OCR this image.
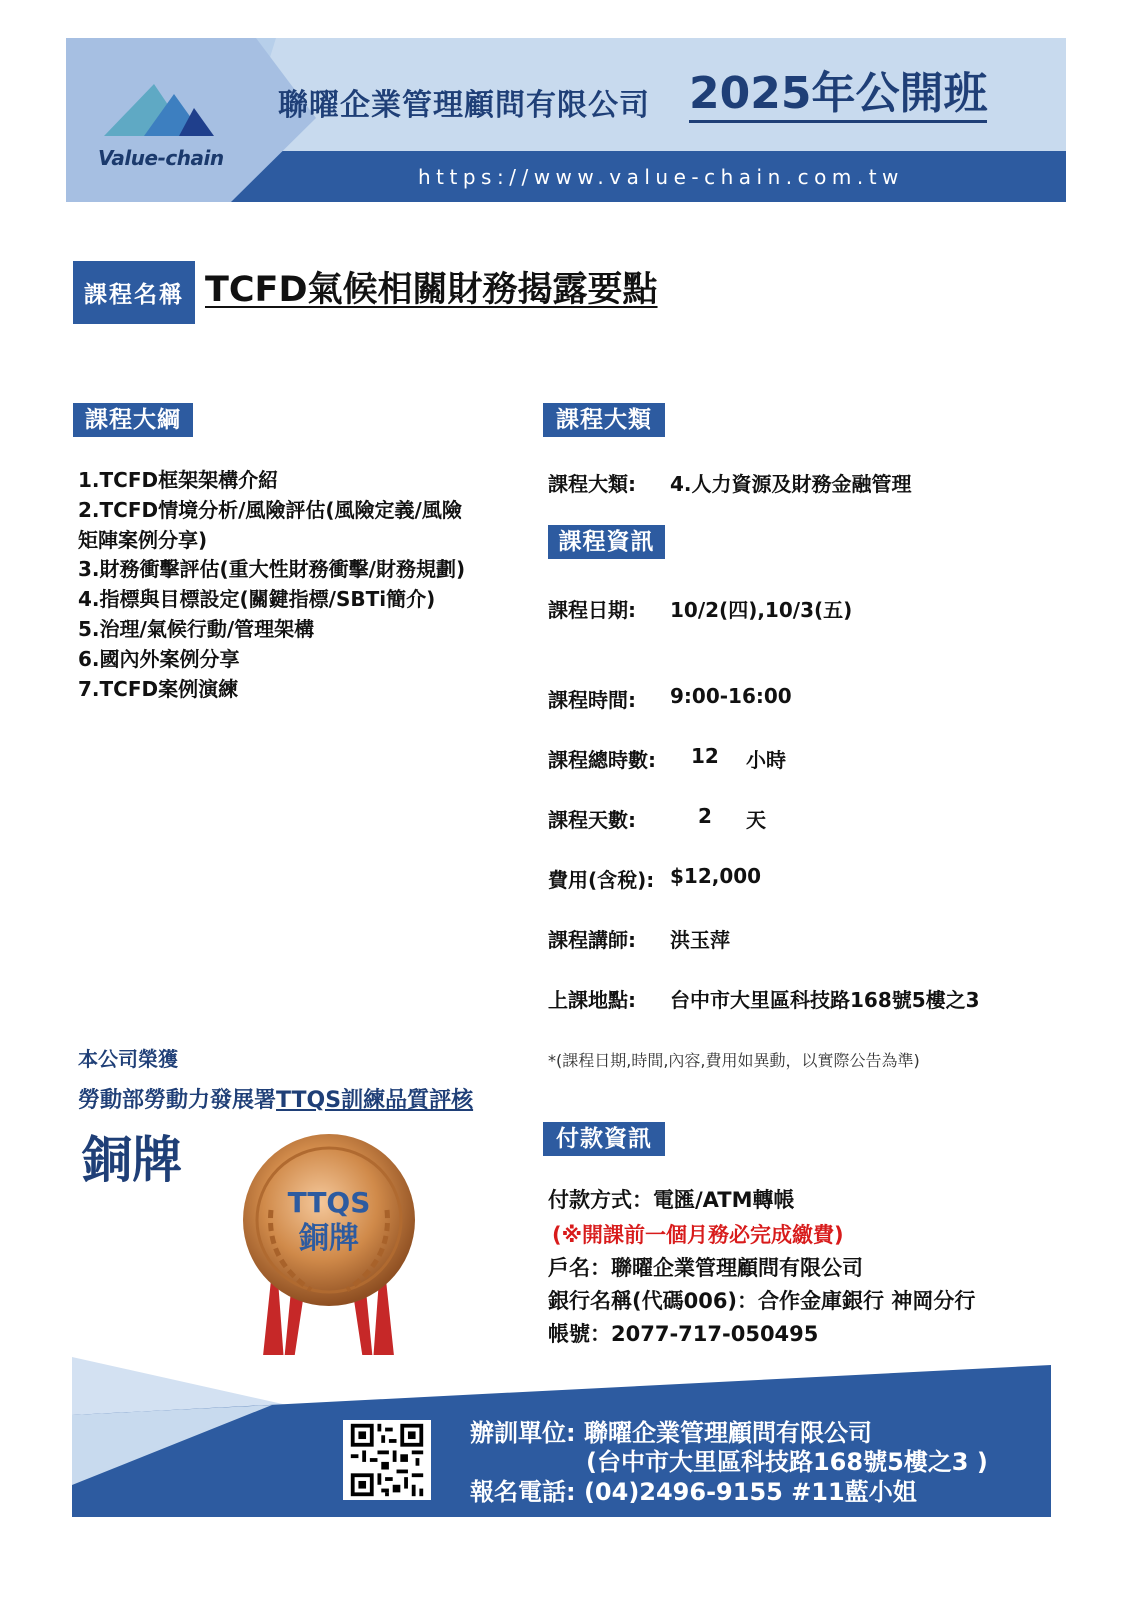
Value-chain
聯曜企業管理顧問有限公司 2025年公開班
https://www.value-chain.com.tw
課程名稱 TCFD氣候相關財務揭露要點
課程大綱
1.TCFD框架架構介紹
2.TCFD情境分析/風險評估(風險定義/風險
矩陣案例分享)
3.財務衝擊評估(重大性財務衝擊/財務規劃)
4.指標與目標設定(關鍵指標/SBTi簡介)
5.治理/氣候行動/管理架構
6.國內外案例分享
7.TCFD案例演練
課程大類
課程大類: 4.人力資源及財務金融管理
課程資訊
課程日期: 10/2(四),10/3(五)
課程時間: 9:00-16:00
課程總時數: 12 小時
課程天數:	2 天
費用(含稅): $12,000
課程講師: 洪玉萍
上課地點: 台中市大里區科技路168號5樓之3
*(課程日期,時間,內容,費用如異動，以實際公告為準)
本公司榮獲
勞動部勞動力發展署TTQS訓練品質評核
銅牌
TTQS
銅牌
付款資訊
付款方式：電匯/ATM轉帳
(※開課前一個月務必完成繳費)
戶名：聯曜企業管理顧問有限公司
銀行名稱(代碼006)：合作金庫銀行 神岡分行
帳號：2077-717-050495
辦訓單位: 聯曜企業管理顧問有限公司
(台中市大里區科技路168號5樓之3 )
報名電話: (04)2496-9155 #11藍小姐
